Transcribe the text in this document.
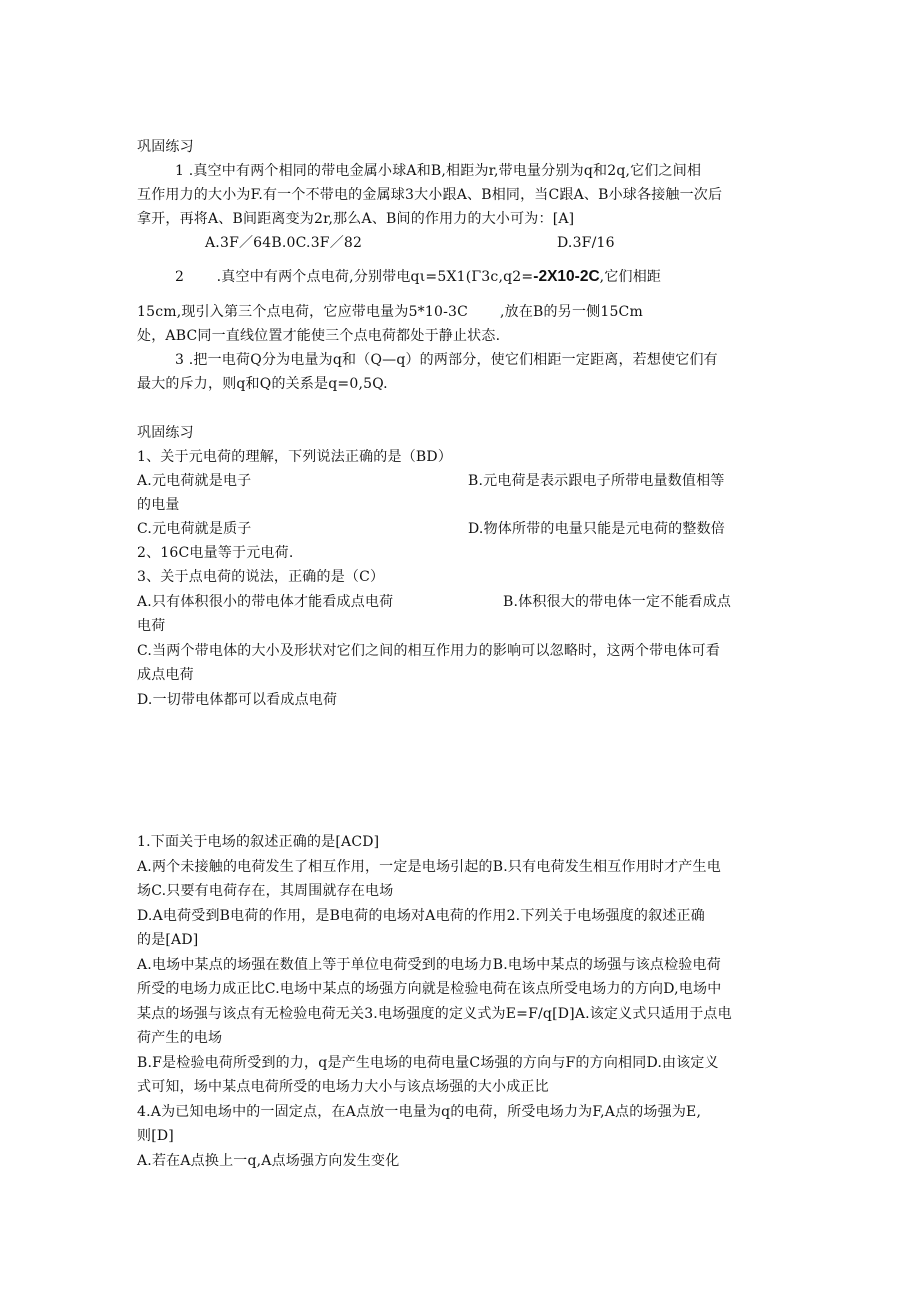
巩固练习
1 .真空中有两个相同的带电金属小球A和B,相距为r,带电量分别为q和2q,它们之间相
互作用力的大小为F.有一个不带电的金属球3大小跟A、B相同，当C跟A、B小球各接触一次后
拿开，再将A、B间距离变为2r,那么A、B间的作用力的大小可为：[A]
A.3F／64B.0C.3F／82	D.3F/16
2       .真空中有两个点电荷,分别带电qι=5X1(Γ3c,q2=-2X10-2C,它们相距
15cm,现引入第三个点电荷，它应带电量为5*10-3C ,放在B的另一侧15Cm
处，ABC同一直线位置才能使三个点电荷都处于静止状态.
3 .把一电荷Q分为电量为q和（Q—q）的两部分，使它们相距一定距离，若想使它们有
最大的斥力，则q和Q的关系是q=0,5Q.
巩固练习
1、关于元电荷的理解，下列说法正确的是（BD）
A.元电荷就是电子	B.元电荷是表示跟电子所带电量数值相等
的电量
C.元电荷就是质子	D.物体所带的电量只能是元电荷的整数倍
2、16C电量等于元电荷.
3、关于点电荷的说法，正确的是（C）
A.只有体积很小的带电体才能看成点电荷	B.体积很大的带电体一定不能看成点
电荷
C.当两个带电体的大小及形状对它们之间的相互作用力的影响可以忽略时，这两个带电体可看
成点电荷
D.一切带电体都可以看成点电荷
1.下面关于电场的叙述正确的是[ACD]
A.两个未接触的电荷发生了相互作用，一定是电场引起的B.只有电荷发生相互作用时才产生电
场C.只要有电荷存在，其周围就存在电场
D.A电荷受到B电荷的作用，是B电荷的电场对A电荷的作用2.下列关于电场强度的叙述正确
的是[AD]
A.电场中某点的场强在数值上等于单位电荷受到的电场力B.电场中某点的场强与该点检验电荷
所受的电场力成正比C.电场中某点的场强方向就是检验电荷在该点所受电场力的方向D,电场中
某点的场强与该点有无检验电荷无关3.电场强度的定义式为E=F/q[D]A.该定义式只适用于点电
荷产生的电场
B.F是检验电荷所受到的力，q是产生电场的电荷电量C场强的方向与F的方向相同D.由该定义
式可知，场中某点电荷所受的电场力大小与该点场强的大小成正比
4.A为已知电场中的一固定点，在A点放一电量为q的电荷，所受电场力为F,A点的场强为E,
则[D]
A.若在A点换上一q,A点场强方向发生变化
